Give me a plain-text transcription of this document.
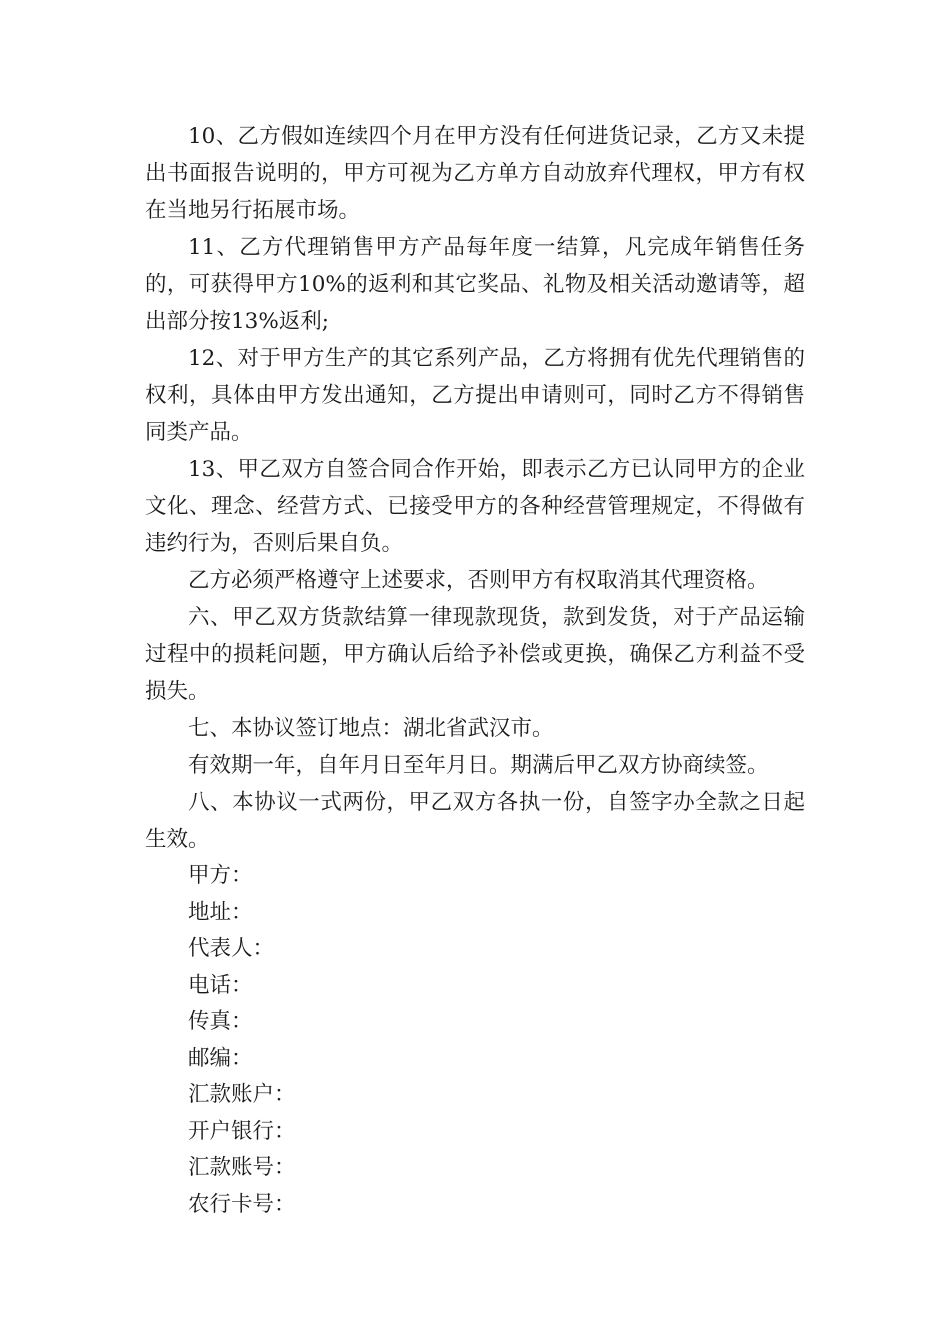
10、乙方假如连续四个月在甲方没有任何进货记录，乙方又未提出书面报告说明的，甲方可视为乙方单方自动放弃代理权，甲方有权在当地另行拓展市场。

11、乙方代理销售甲方产品每年度一结算，凡完成年销售任务的，可获得甲方10%的返利和其它奖品、礼物及相关活动邀请等，超出部分按13%返利;

12、对于甲方生产的其它系列产品，乙方将拥有优先代理销售的权利，具体由甲方发出通知，乙方提出申请则可，同时乙方不得销售同类产品。

13、甲乙双方自签合同合作开始，即表示乙方已认同甲方的企业文化、理念、经营方式、已接受甲方的各种经营管理规定，不得做有违约行为，否则后果自负。

乙方必须严格遵守上述要求，否则甲方有权取消其代理资格。

六、甲乙双方货款结算一律现款现货，款到发货，对于产品运输过程中的损耗问题，甲方确认后给予补偿或更换，确保乙方利益不受损失。

七、本协议签订地点：湖北省武汉市。

有效期一年，自年月日至年月日。期满后甲乙双方协商续签。

八、本协议一式两份，甲乙双方各执一份，自签字办全款之日起生效。

甲方：

地址：

代表人：

电话：

传真：

邮编：

汇款账户：

开户银行：

汇款账号：

农行卡号：
